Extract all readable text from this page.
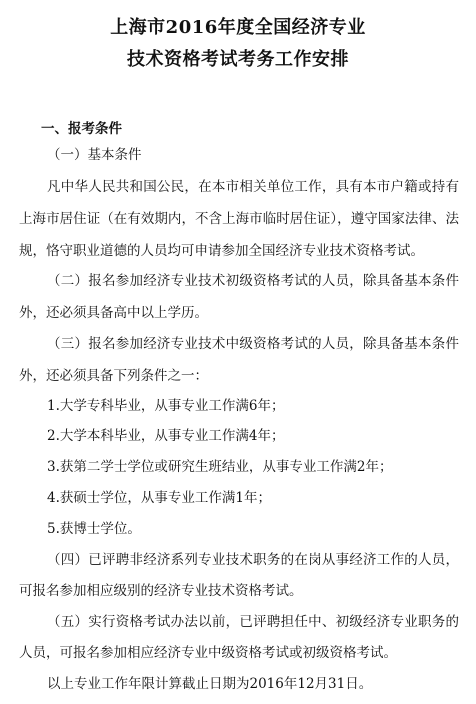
上海市2016年度全国经济专业
技术资格考试考务工作安排
一、报考条件
（一）基本条件
凡中华人民共和国公民，在本市相关单位工作，具有本市户籍或持有
上海市居住证（在有效期内，不含上海市临时居住证），遵守国家法律、法
规，恪守职业道德的人员均可申请参加全国经济专业技术资格考试。
（二）报名参加经济专业技术初级资格考试的人员，除具备基本条件
外，还必须具备高中以上学历。
（三）报名参加经济专业技术中级资格考试的人员，除具备基本条件
外，还必须具备下列条件之一：
1.大学专科毕业，从事专业工作满6年；
2.大学本科毕业，从事专业工作满4年；
3.获第二学士学位或研究生班结业，从事专业工作满2年；
4.获硕士学位，从事专业工作满1年；
5.获博士学位。
（四）已评聘非经济系列专业技术职务的在岗从事经济工作的人员，
可报名参加相应级别的经济专业技术资格考试。
（五）实行资格考试办法以前，已评聘担任中、初级经济专业职务的
人员，可报名参加相应经济专业中级资格考试或初级资格考试。
以上专业工作年限计算截止日期为2016年12月31日。
